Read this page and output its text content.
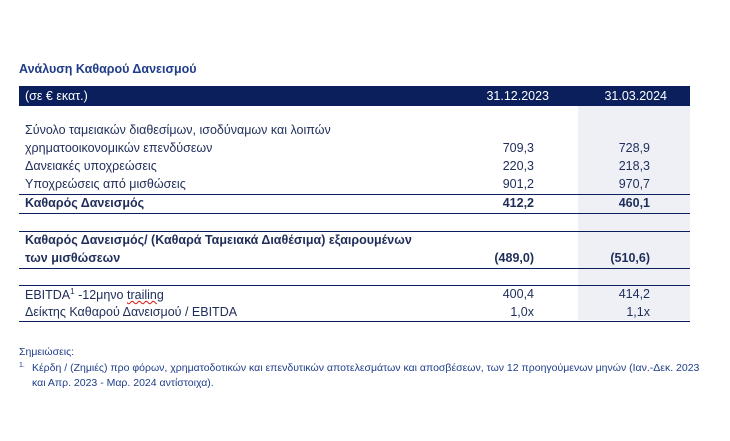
Ανάλυση Καθαρού Δανεισμού
(σε € εκατ.)	31.12.2023	31.03.2024
Σύνολο ταμειακών διαθεσίμων, ισοδύναμων και λοιπών
χρηματοοικονομικών επενδύσεων	709,3	728,9
Δανειακές υποχρεώσεις	220,3	218,3
Υποχρεώσεις από μισθώσεις	901,2	970,7
Καθαρός Δανεισμός	412,2	460,1
Καθαρός Δανεισμός/ (Καθαρά Ταμειακά Διαθέσιμα) εξαιρουμένων
των μισθώσεων	(489,0)	(510,6)
EBITDA$^1$ -12μηνο trailing	400,4	414,2
Δείκτης Καθαρού Δανεισμού / EBITDA	1,0x	1,1x
Σημειώσεις:
1. Κέρδη / (Ζημιές) προ φόρων, χρηματοδοτικών και επενδυτικών αποτελεσμάτων και αποσβέσεων, των 12 προηγούμενων μηνών (Ιαν.-Δεκ. 2023 και Απρ. 2023 - Μαρ. 2024 αντίστοιχα).
